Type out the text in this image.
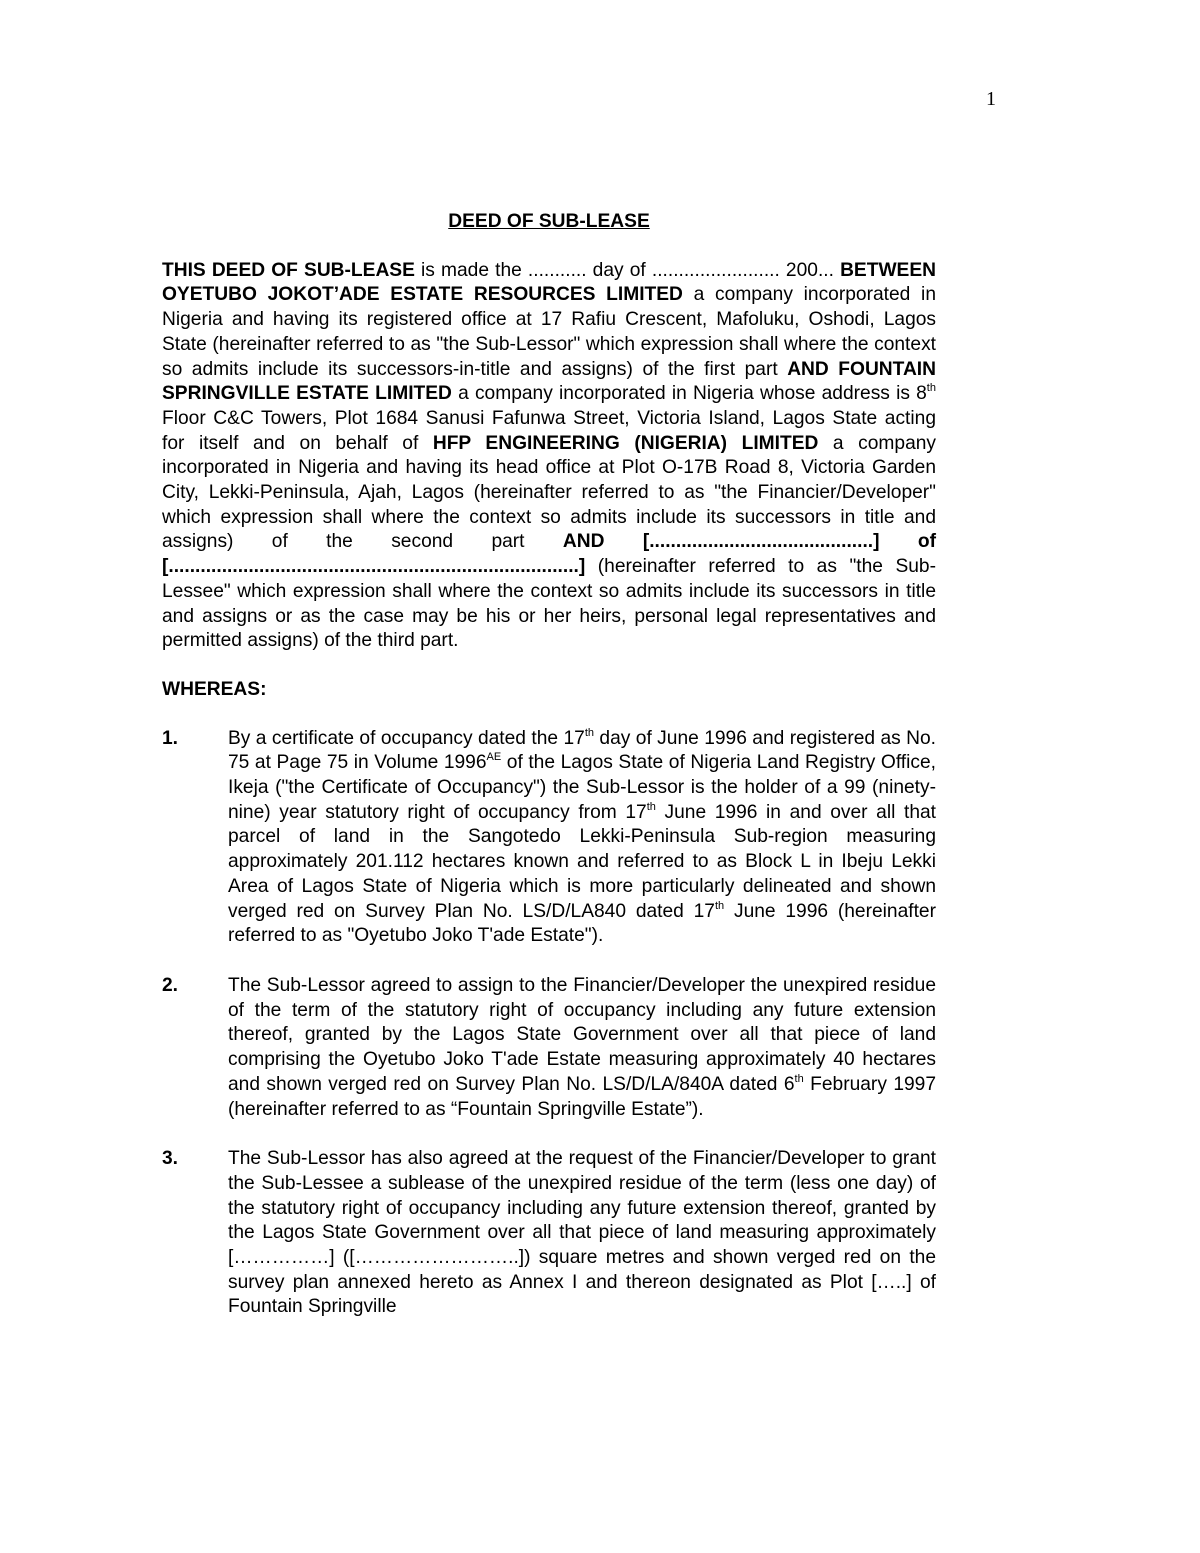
1
DEED OF SUB-LEASE

THIS DEED OF SUB-LEASE is made the ........... day of ........................ 200... BETWEEN OYETUBO JOKOT’ADE ESTATE RESOURCES LIMITED a company incorporated in Nigeria and having its registered office at 17 Rafiu Crescent, Mafoluku, Oshodi, Lagos State (hereinafter referred to as "the Sub-Lessor" which expression shall where the context so admits include its successors-in-title and assigns) of the first part AND FOUNTAIN SPRINGVILLE ESTATE LIMITED a company incorporated in Nigeria whose address is 8th Floor C&C Towers, Plot 1684 Sanusi Fafunwa Street, Victoria Island, Lagos State acting for itself and on behalf of HFP ENGINEERING (NIGERIA) LIMITED a company incorporated in Nigeria and having its head office at Plot O-17B Road 8, Victoria Garden City, Lekki-Peninsula, Ajah, Lagos (hereinafter referred to as "the Financier/Developer" which expression shall where the context so admits include its successors in title and assigns) of the second part AND [..........................................] of [.............................................................................] (hereinafter referred to as "the Sub-Lessee" which expression shall where the context so admits include its successors in title and assigns or as the case may be his or her heirs, personal legal representatives and permitted assigns) of the third part.

WHEREAS:
1.	By a certificate of occupancy dated the 17th day of June 1996 and registered as No. 75 at Page 75 in Volume $1996^{AE}$ of the Lagos State of Nigeria Land Registry Office, Ikeja ("the Certificate of Occupancy") the Sub-Lessor is the holder of a 99 (ninety-nine) year statutory right of occupancy from 17th June 1996 in and over all that parcel of land in the Sangotedo Lekki-Peninsula Sub-region measuring approximately 201.112 hectares known and referred to as Block L in Ibeju Lekki Area of Lagos State of Nigeria which is more particularly delineated and shown verged red on Survey Plan No. LS/D/LA840 dated 17th June 1996 (hereinafter referred to as "Oyetubo Joko T'ade Estate").

2.	The Sub-Lessor agreed to assign to the Financier/Developer the unexpired residue of the term of the statutory right of occupancy including any future extension thereof, granted by the Lagos State Government over all that piece of land comprising the Oyetubo Joko T'ade Estate measuring approximately 40 hectares and shown verged red on Survey Plan No. LS/D/LA/840A dated 6th February 1997 (hereinafter referred to as “Fountain Springville Estate”).

3.	The Sub-Lessor has also agreed at the request of the Financier/Developer to grant the Sub-Lessee a sublease of the unexpired residue of the term (less one day) of the statutory right of occupancy including any future extension thereof, granted by the Lagos State Government over all that piece of land measuring approximately [……………] ([……………………..]) square metres and shown verged red on the survey plan annexed hereto as Annex I and thereon designated as Plot […..] of Fountain Springville
